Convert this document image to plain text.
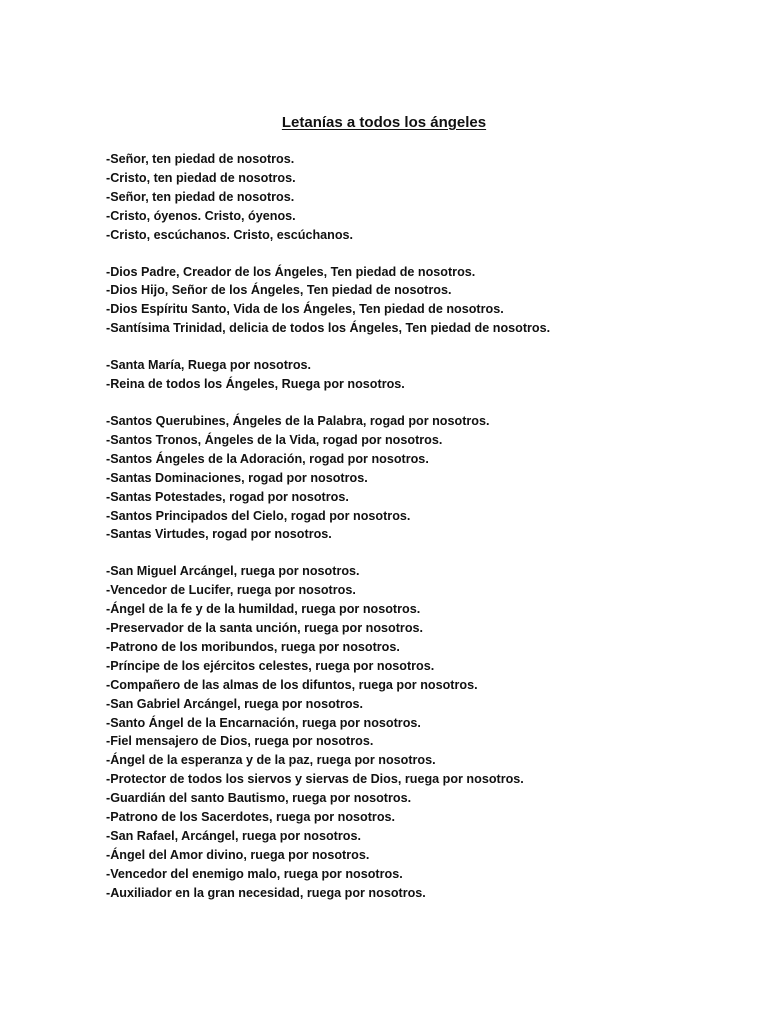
Letanías a todos los ángeles
-Señor, ten piedad de nosotros.
-Cristo, ten piedad de nosotros.
-Señor, ten piedad de nosotros.
-Cristo, óyenos. Cristo, óyenos.
-Cristo, escúchanos. Cristo, escúchanos.
-Dios Padre, Creador de los Ángeles, Ten piedad de nosotros.
-Dios Hijo, Señor de los Ángeles, Ten piedad de nosotros.
-Dios Espíritu Santo, Vida de los Ángeles, Ten piedad de nosotros.
-Santísima Trinidad, delicia de todos los Ángeles, Ten piedad de nosotros.
-Santa María, Ruega por nosotros.
-Reina de todos los Ángeles, Ruega por nosotros.
-Santos Querubines, Ángeles de la Palabra, rogad por nosotros.
-Santos Tronos, Ángeles de la Vida, rogad por nosotros.
-Santos Ángeles de la Adoración, rogad por nosotros.
-Santas Dominaciones, rogad por nosotros.
-Santas Potestades, rogad por nosotros.
-Santos Principados del Cielo, rogad por nosotros.
-Santas Virtudes, rogad por nosotros.
-San Miguel Arcángel, ruega por nosotros.
-Vencedor de Lucifer, ruega por nosotros.
-Ángel de la fe y de la humildad, ruega por nosotros.
-Preservador de la santa unción, ruega por nosotros.
-Patrono de los moribundos, ruega por nosotros.
-Príncipe de los ejércitos celestes, ruega por nosotros.
-Compañero de las almas de los difuntos, ruega por nosotros.
-San Gabriel Arcángel, ruega por nosotros.
-Santo Ángel de la Encarnación, ruega por nosotros.
-Fiel mensajero de Dios, ruega por nosotros.
-Ángel de la esperanza y de la paz, ruega por nosotros.
-Protector de todos los siervos y siervas de Dios, ruega por nosotros.
-Guardián del santo Bautismo, ruega por nosotros.
-Patrono de los Sacerdotes, ruega por nosotros.
-San Rafael, Arcángel, ruega por nosotros.
-Ángel del Amor divino, ruega por nosotros.
-Vencedor del enemigo malo, ruega por nosotros.
-Auxiliador en la gran necesidad, ruega por nosotros.
